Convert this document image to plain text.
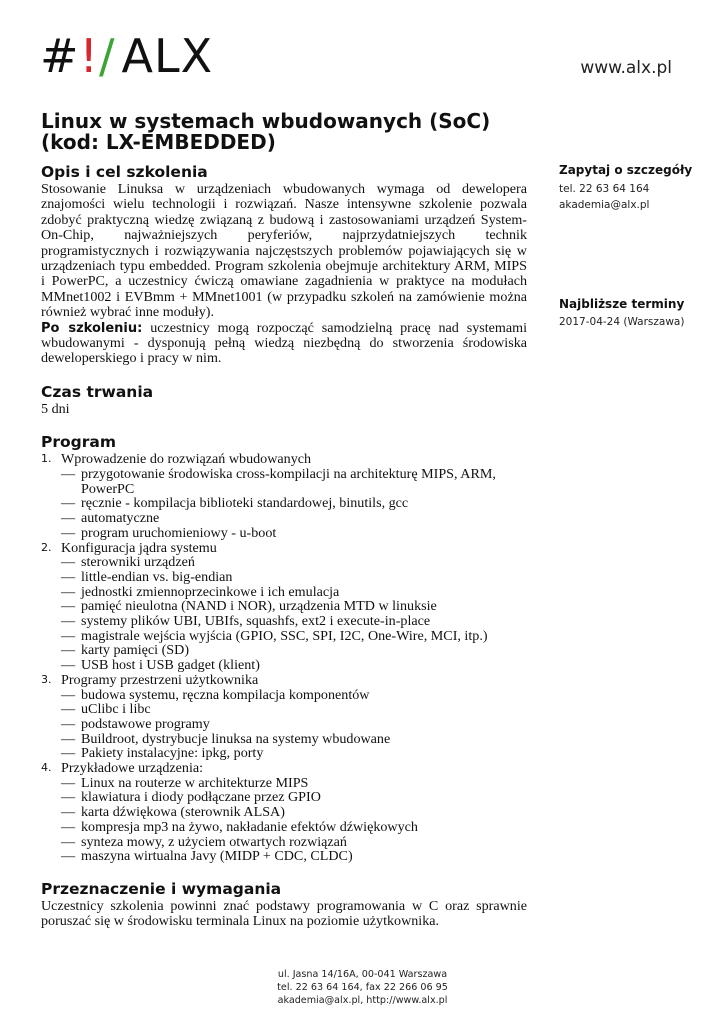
# ! / ALX	www.alx.pl
Linux w systemach wbudowanych (SoC)
(kod: LX-EMBEDDED)
Opis i cel szkolenia

Stosowanie Linuksa w urządzeniach wbudowanych wymaga od dewelopera znajomości wielu technologii i rozwiązań. Nasze intensywne szkolenie pozwala zdobyć praktyczną wiedzę związaną z budową i zastosowaniami urządzeń System-On-Chip, najważniejszych peryferiów, najprzydatniejszych technik programistycznych i rozwiązywania najczęstszych problemów pojawiających się w urządzeniach typu embedded. Program szkolenia obejmuje architektury ARM, MIPS i PowerPC, a uczestnicy ćwiczą omawiane zagadnienia w praktyce na modułach MMnet1002 i EVBmm + MMnet1001 (w przypadku szkoleń na zamówienie można również wybrać inne moduły).

Po szkoleniu: uczestnicy mogą rozpocząć samodzielną pracę nad systemami wbudowanymi - dysponują pełną wiedzą niezbędną do stworzenia środowiska deweloperskiego i pracy w nim.

Czas trwania

5 dni

Program
1. Wprowadzenie do rozwiązań wbudowanych
— przygotowanie środowiska cross-kompilacji na architekturę MIPS, ARM, PowerPC
— ręcznie - kompilacja biblioteki standardowej, binutils, gcc
— automatyczne
— program uruchomieniowy - u-boot
2. Konfiguracja jądra systemu
— sterowniki urządzeń
— little-endian vs. big-endian
— jednostki zmiennoprzecinkowe i ich emulacja
— pamięć nieulotna (NAND i NOR), urządzenia MTD w linuksie
— systemy plików UBI, UBIfs, squashfs, ext2 i execute-in-place
— magistrale wejścia wyjścia (GPIO, SSC, SPI, I2C, One-Wire, MCI, itp.)
— karty pamięci (SD)
— USB host i USB gadget (klient)
3. Programy przestrzeni użytkownika
— budowa systemu, ręczna kompilacja komponentów
— uClibc i libc
— podstawowe programy
— Buildroot, dystrybucje linuksa na systemy wbudowane
— Pakiety instalacyjne: ipkg, porty
4. Przykładowe urządzenia:
— Linux na routerze w architekturze MIPS
— klawiatura i diody podłączane przez GPIO
— karta dźwiękowa (sterownik ALSA)
— kompresja mp3 na żywo, nakładanie efektów dźwiękowych
— synteza mowy, z użyciem otwartych rozwiązań
— maszyna wirtualna Javy (MIDP + CDC, CLDC)
Przeznaczenie i wymagania

Uczestnicy szkolenia powinni znać podstawy programowania w C oraz sprawnie poruszać się w środowisku terminala Linux na poziomie użytkownika.

Zapytaj o szczegóły
tel. 22 63 64 164
akademia@alx.pl
Najbliższe terminy
2017-04-24 (Warszawa)
ul. Jasna 14/16A, 00-041 Warszawa
tel. 22 63 64 164, fax 22 266 06 95
akademia@alx.pl, http://www.alx.pl
